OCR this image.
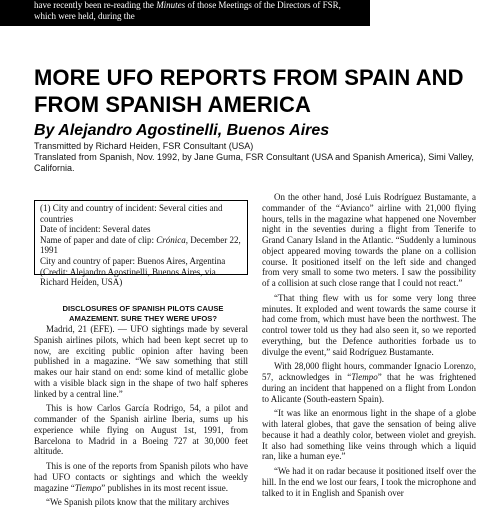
have recently been re-reading the Minutes of those Meetings of the Directors of FSR, which were held, during the
MORE UFO REPORTS FROM SPAIN AND FROM SPANISH AMERICA
By Alejandro Agostinelli, Buenos Aires
Transmitted by Richard Heiden, FSR Consultant (USA)
Translated from Spanish, Nov. 1992, by Jane Guma, FSR Consultant (USA and Spanish America), Simi Valley, California.
(1) City and country of incident: Several cities and countries
Date of incident: Several dates
Name of paper and date of clip: Crónica, December 22, 1991
City and country of paper: Buenos Aires, Argentina
(Credit: Alejandro Agostinelli, Buenos Aires, via Richard Heiden, USA)
DISCLOSURES OF SPANISH PILOTS CAUSE AMAZEMENT. SURE THEY WERE UFOS?

Madrid, 21 (EFE). — UFO sightings made by several Spanish airlines pilots, which had been kept secret up to now, are exciting public opinion after having been published in a magazine. “We saw something that still makes our hair stand on end: some kind of metallic globe with a visible black sign in the shape of two half spheres linked by a central line.”

This is how Carlos García Rodrigo, 54, a pilot and commander of the Spanish airline Iberia, sums up his experience while flying on August 1st, 1991, from Barcelona to Madrid in a Boeing 727 at 30,000 feet altitude.

This is one of the reports from Spanish pilots who have had UFO contacts or sightings and which the weekly magazine “Tiempo” publishes in its most recent issue.

“We Spanish pilots know that the military archives

On the other hand, José Luis Rodríguez Bustamante, a commander of the “Avianco” airline with 21,000 flying hours, tells in the magazine what happened one November night in the seventies during a flight from Tenerife to Grand Canary Island in the Atlantic. “Suddenly a luminous object appeared moving towards the plane on a collision course. It positioned itself on the left side and changed from very small to some two meters. I saw the possibility of a collision at such close range that I could not react.”

“That thing flew with us for some very long three minutes. It exploded and went towards the same course it had come from, which must have been the northwest. The control tower told us they had also seen it, so we reported everything, but the Defence authorities forbade us to divulge the event,” said Rodríguez Bustamante.

With 28,000 flight hours, commander Ignacio Lorenzo, 57, acknowledges in “Tiempo” that he was frightened during an incident that happened on a flight from London to Alicante (South-eastern Spain).

“It was like an enormous light in the shape of a globe with lateral globes, that gave the sensation of being alive because it had a deathly color, between violet and greyish. It also had something like veins through which a liquid ran, like a human eye.”

“We had it on radar because it positioned itself over the hill. In the end we lost our fears, I took the microphone and talked to it in English and Spanish over
